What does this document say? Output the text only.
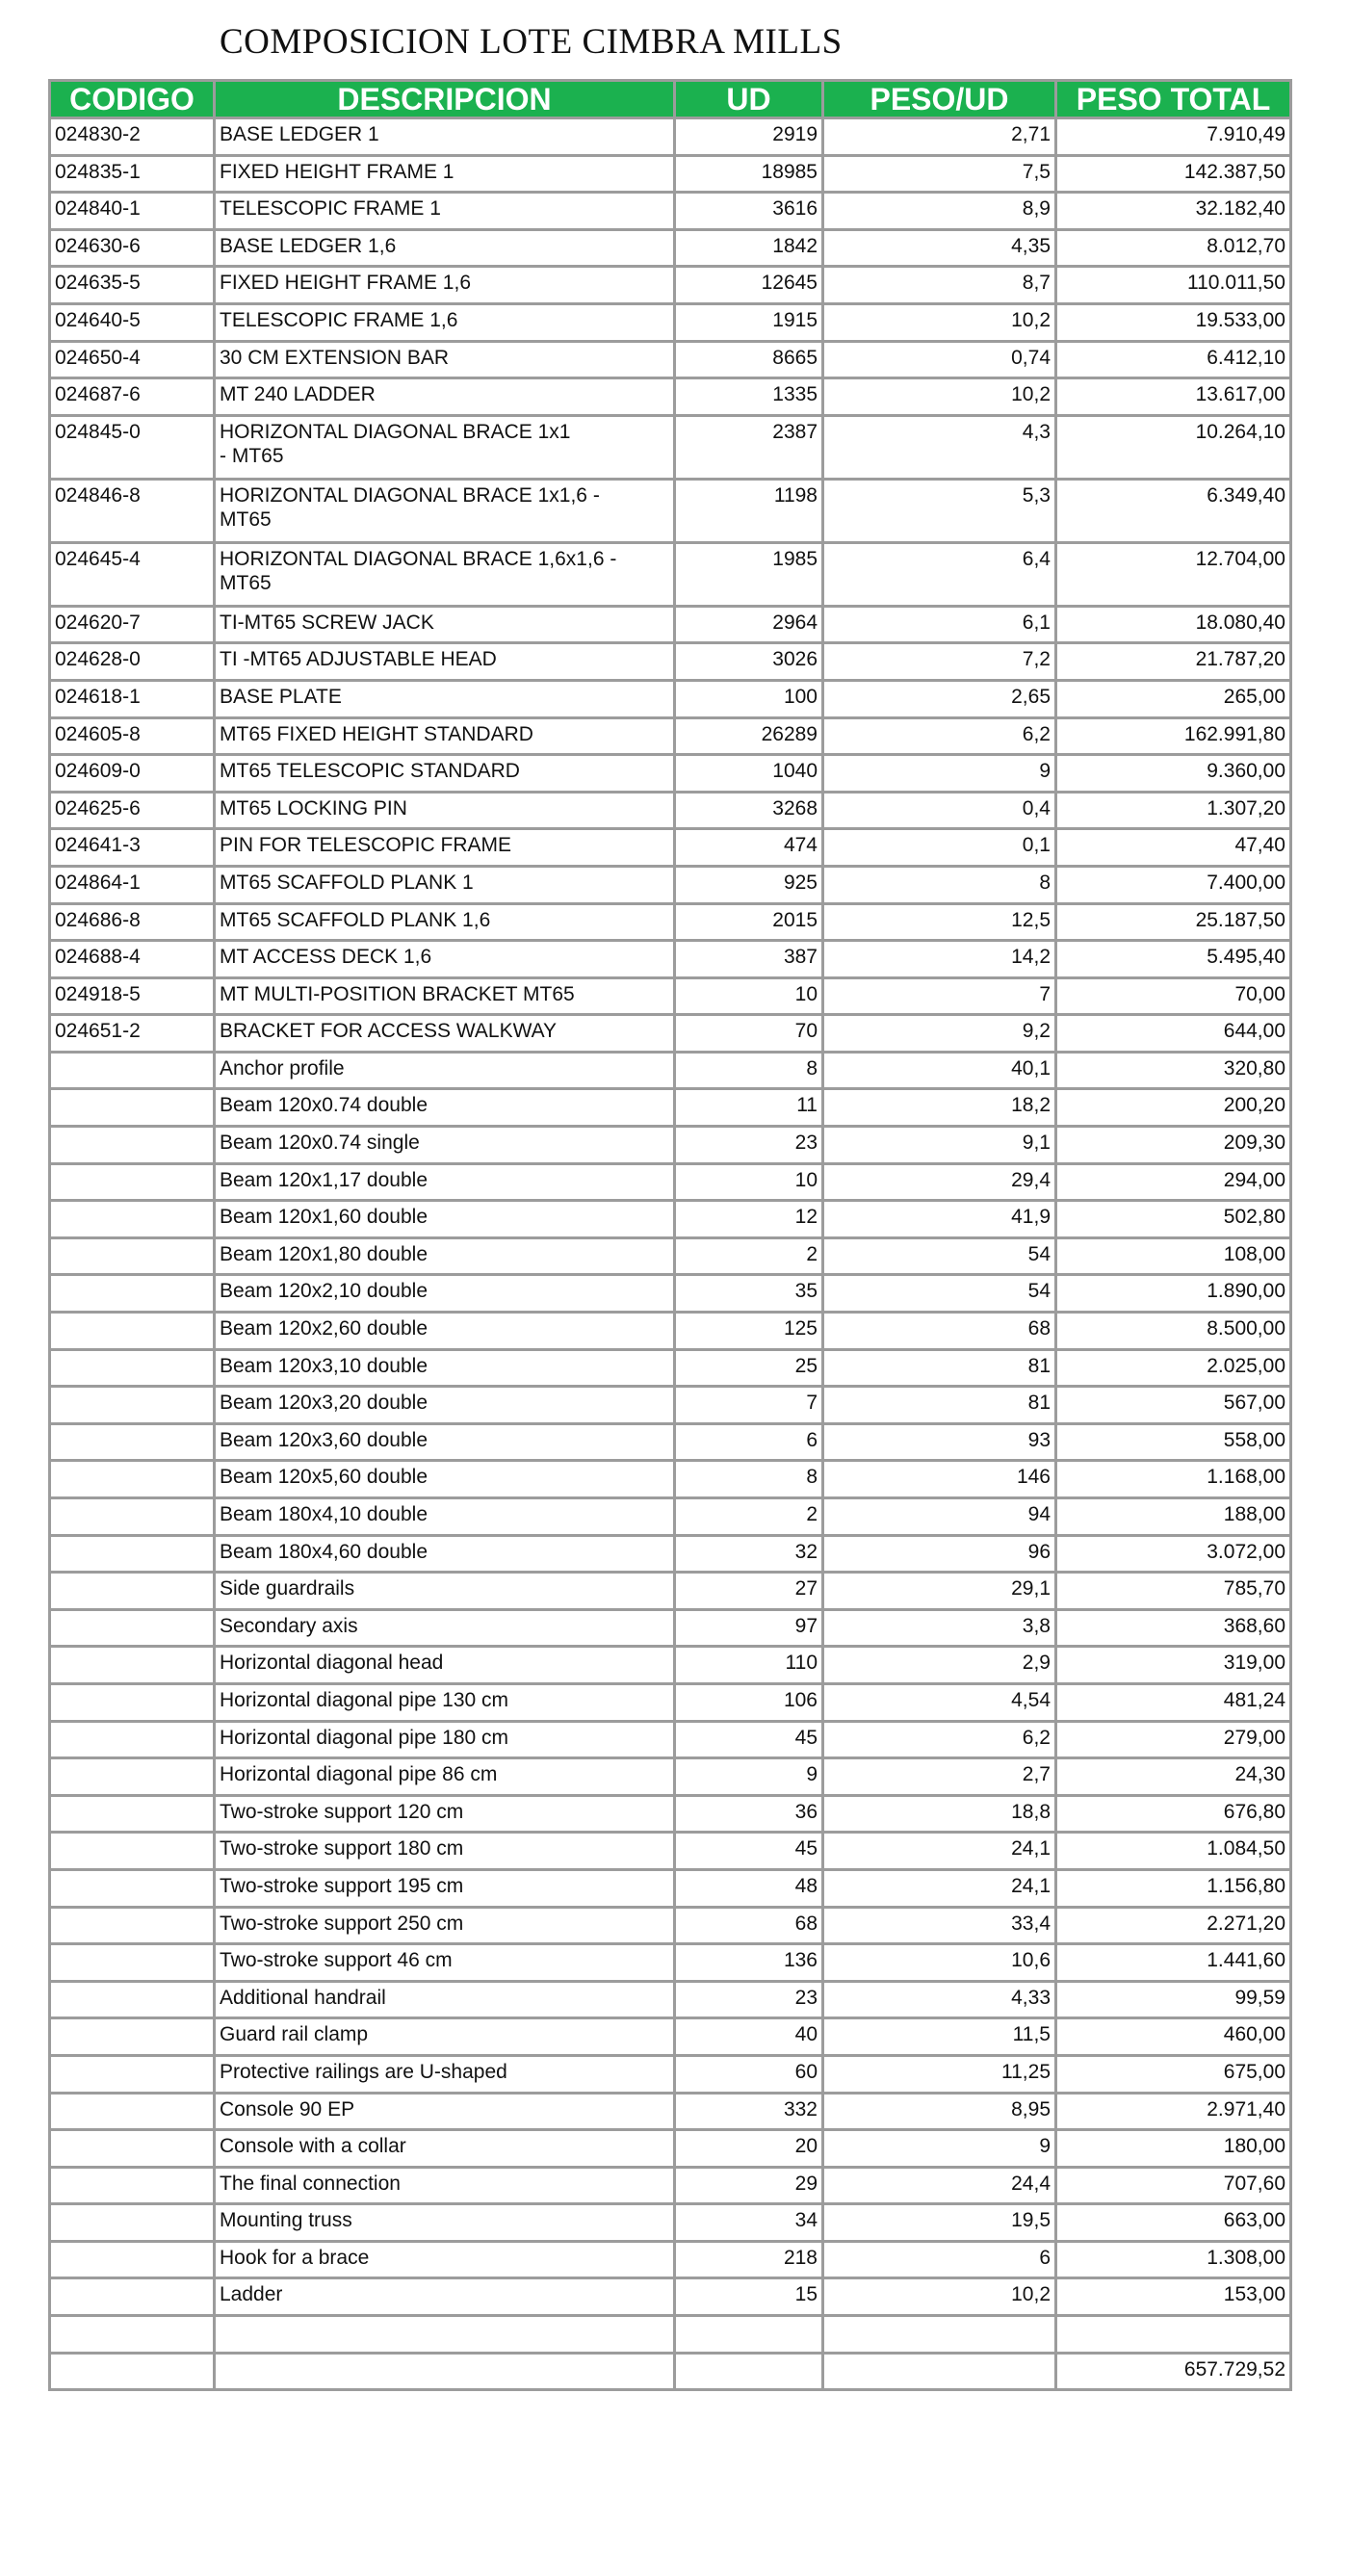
COMPOSICION LOTE CIMBRA MILLS
CODIGO	DESCRIPCION	UD	PESO/UD	PESO TOTAL
024830-2	BASE LEDGER 1	2919	2,71	7.910,49
024835-1	FIXED HEIGHT FRAME 1	18985	7,5	142.387,50
024840-1	TELESCOPIC FRAME 1	3616	8,9	32.182,40
024630-6	BASE LEDGER 1,6	1842	4,35	8.012,70
024635-5	FIXED HEIGHT FRAME 1,6	12645	8,7	110.011,50
024640-5	TELESCOPIC FRAME 1,6	1915	10,2	19.533,00
024650-4	30 CM EXTENSION BAR	8665	0,74	6.412,10
024687-6	MT 240 LADDER	1335	10,2	13.617,00
024845-0	HORIZONTAL DIAGONAL BRACE 1x1
- MT65	2387	4,3	10.264,10
024846-8	HORIZONTAL DIAGONAL BRACE 1x1,6 -
MT65	1198	5,3	6.349,40
024645-4	HORIZONTAL DIAGONAL BRACE 1,6x1,6 -
MT65	1985	6,4	12.704,00
024620-7	TI-MT65 SCREW JACK	2964	6,1	18.080,40
024628-0	TI -MT65 ADJUSTABLE HEAD	3026	7,2	21.787,20
024618-1	BASE PLATE	100	2,65	265,00
024605-8	MT65 FIXED HEIGHT STANDARD	26289	6,2	162.991,80
024609-0	MT65 TELESCOPIC STANDARD	1040	9	9.360,00
024625-6	MT65 LOCKING PIN	3268	0,4	1.307,20
024641-3	PIN FOR TELESCOPIC FRAME	474	0,1	47,40
024864-1	MT65 SCAFFOLD PLANK 1	925	8	7.400,00
024686-8	MT65 SCAFFOLD PLANK 1,6	2015	12,5	25.187,50
024688-4	MT ACCESS DECK 1,6	387	14,2	5.495,40
024918-5	MT MULTI-POSITION BRACKET MT65	10	7	70,00
024651-2	BRACKET FOR ACCESS WALKWAY	70	9,2	644,00
	Anchor profile	8	40,1	320,80
	Beam 120x0.74 double	11	18,2	200,20
	Beam 120x0.74 single	23	9,1	209,30
	Beam 120x1,17 double	10	29,4	294,00
	Beam 120x1,60 double	12	41,9	502,80
	Beam 120x1,80 double	2	54	108,00
	Beam 120x2,10 double	35	54	1.890,00
	Beam 120x2,60 double	125	68	8.500,00
	Beam 120x3,10 double	25	81	2.025,00
	Beam 120x3,20 double	7	81	567,00
	Beam 120x3,60 double	6	93	558,00
	Beam 120x5,60 double	8	146	1.168,00
	Beam 180x4,10 double	2	94	188,00
	Beam 180x4,60 double	32	96	3.072,00
	Side guardrails	27	29,1	785,70
	Secondary axis	97	3,8	368,60
	Horizontal diagonal head	110	2,9	319,00
	Horizontal diagonal pipe 130 cm	106	4,54	481,24
	Horizontal diagonal pipe 180 cm	45	6,2	279,00
	Horizontal diagonal pipe 86 cm	9	2,7	24,30
	Two-stroke support 120 cm	36	18,8	676,80
	Two-stroke support 180 cm	45	24,1	1.084,50
	Two-stroke support 195 cm	48	24,1	1.156,80
	Two-stroke support 250 cm	68	33,4	2.271,20
	Two-stroke support 46 cm	136	10,6	1.441,60
	Additional handrail	23	4,33	99,59
	Guard rail clamp	40	11,5	460,00
	Protective railings are U-shaped	60	11,25	675,00
	Console 90 EP	332	8,95	2.971,40
	Console with a collar	20	9	180,00
	The final connection	29	24,4	707,60
	Mounting truss	34	19,5	663,00
	Hook for a brace	218	6	1.308,00
	Ladder	15	10,2	153,00

				657.729,52
